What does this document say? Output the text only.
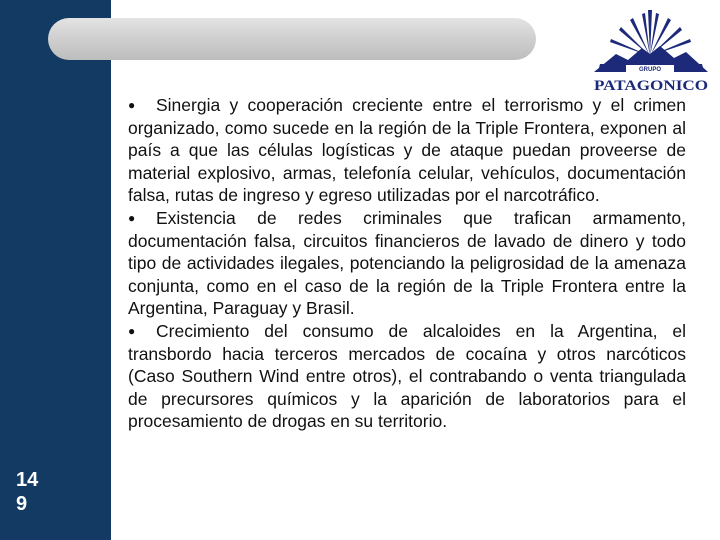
14
9
GRUPO
PATAGONICO

● Sinergia y cooperación creciente entre el terrorismo y el crimen organizado, como sucede en la región de la Triple Frontera, exponen al país a que las células logísticas y de ataque puedan proveerse de material explosivo, armas, telefonía celular, vehículos, documentación falsa, rutas de ingreso y egreso utilizadas por el narcotráfico.

● Existencia de redes criminales que trafican armamento, documentación falsa, circuitos financieros de lavado de dinero y todo tipo de actividades ilegales, potenciando la peligrosidad de la amenaza conjunta, como en el caso de la región de la Triple Frontera entre la Argentina, Paraguay y Brasil.

● Crecimiento del consumo de alcaloides en la Argentina, el transbordo hacia terceros mercados de cocaína y otros narcóticos (Caso Southern Wind entre otros), el contrabando o venta triangulada de precursores químicos y la aparición de laboratorios para el procesamiento de drogas en su territorio.
